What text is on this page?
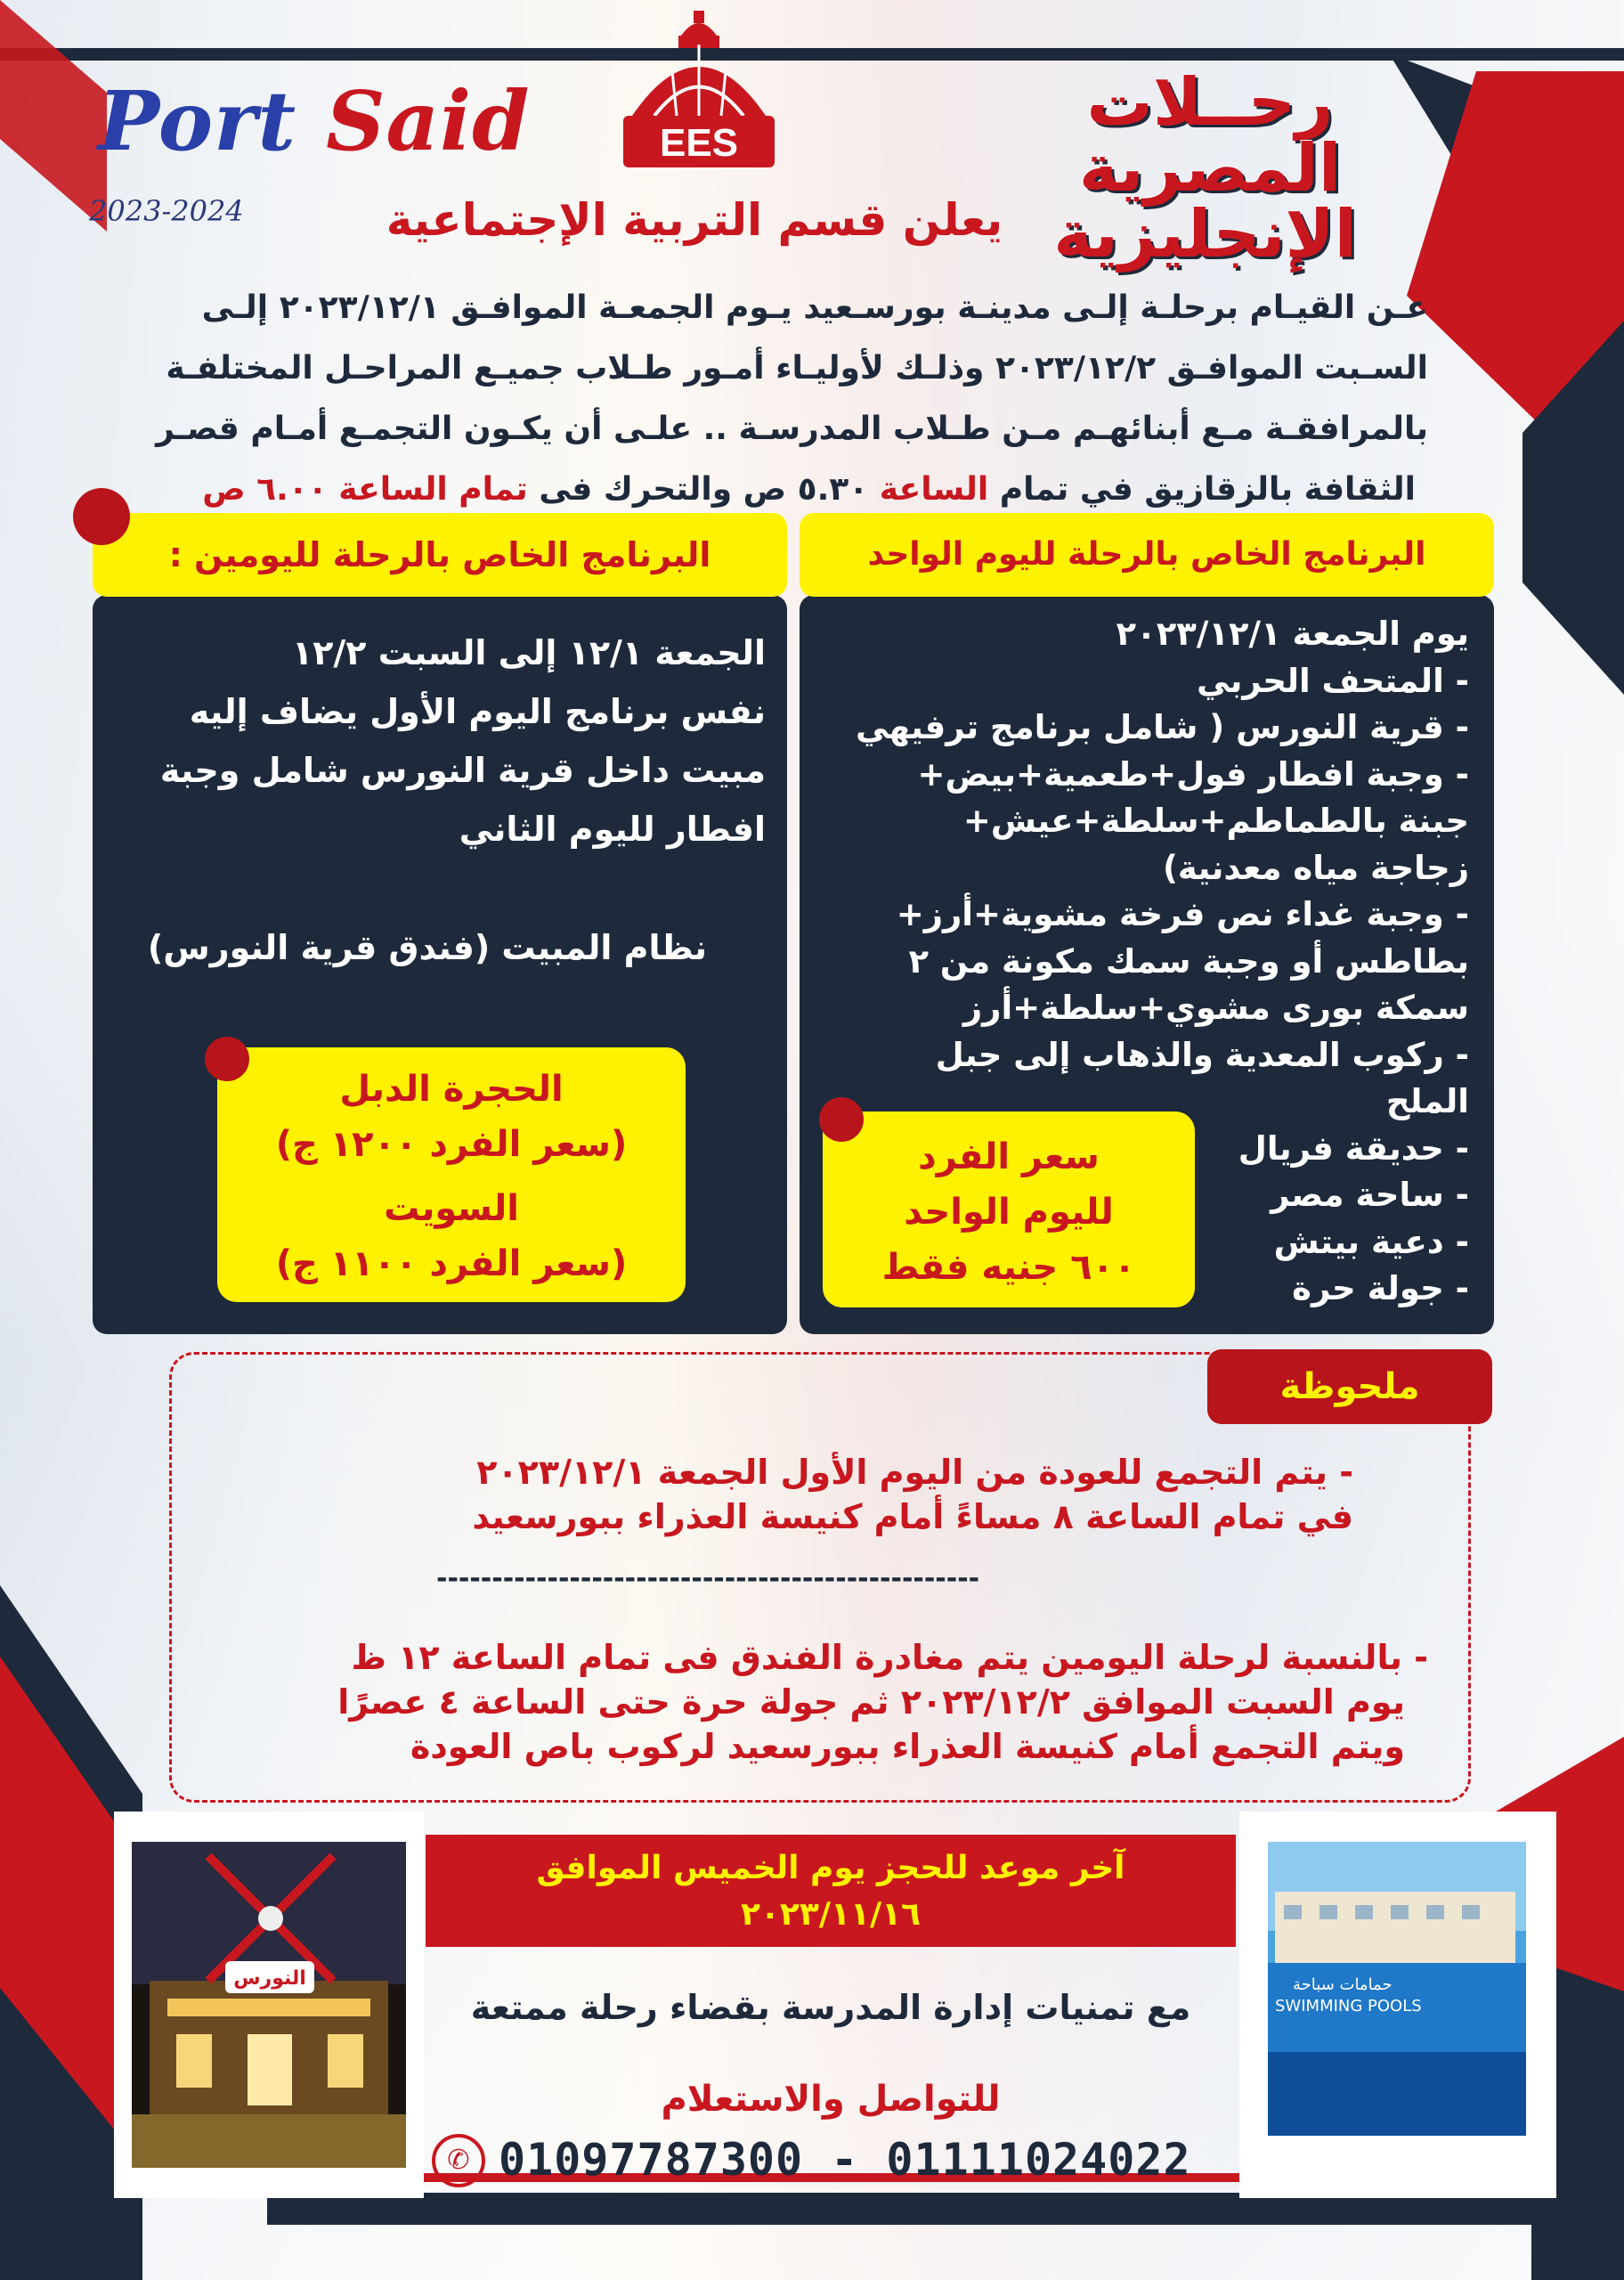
Port Said
2023-2024
EES
رحــلات
المصرية
الإنجليزية
يعلن قسم التربية الإجتماعية
عـن القيـام برحلـة إلـى مدينـة بورسـعيد يـوم الجمعـة الموافـق ٢٠٢٣/١٢/١ إلـى
السـبت الموافـق ٢٠٢٣/١٢/٢ وذلـك لأوليـاء أمـور طـلاب جميـع المراحـل المختلفـة
بالمرافقـة مـع أبنائهـم مـن طـلاب المدرسـة .. علـى أن يكـون التجمـع أمـام قصـر
الثقافة بالزقازيق في تمام الساعة ٥.٣٠ ص والتحرك فى تمام الساعة ٦.٠٠ ص
البرنامج الخاص بالرحلة لليوم الواحد
يوم الجمعة ٢٠٢٣/١٢/١
- المتحف الحربي
- قرية النورس ( شامل برنامج ترفيهي
- وجبة افطار فول+طعمية+بيض+
جبنة بالطماطم+سلطة+عيش+
زجاجة مياه معدنية)
- وجبة غداء نص فرخة مشوية+أرز+
بطاطس أو وجبة سمك مكونة من ٢
سمكة بورى مشوي+سلطة+أرز
- ركوب المعدية والذهاب إلى جبل
الملح
- حديقة فريال
- ساحة مصر
- دعية بيتش
- جولة حرة
سعر الفرد
لليوم الواحد
٦٠٠ جنيه فقط
البرنامج الخاص بالرحلة لليومين :
الجمعة ١٢/١ إلى السبت ١٢/٢
نفس برنامج اليوم الأول يضاف إليه
مبيت داخل قرية النورس شامل وجبة
افطار لليوم الثاني
نظام المبيت (فندق قرية النورس)
الحجرة الدبل
(سعر الفرد ١٢٠٠ ج)
السويت
(سعر الفرد ١١٠٠ ج)
ملحوظة
- يتم التجمع للعودة من اليوم الأول الجمعة ٢٠٢٣/١٢/١
في تمام الساعة ٨ مساءً أمام كنيسة العذراء ببورسعيد
-------------------------------------------------
- بالنسبة لرحلة اليومين يتم مغادرة الفندق فى تمام الساعة ١٢ ظ
يوم السبت الموافق ٢٠٢٣/١٢/٢ ثم جولة حرة حتى الساعة ٤ عصرًا
ويتم التجمع أمام كنيسة العذراء ببورسعيد لركوب باص العودة
النورس	حمامات سباحة
SWIMMING POOLS
آخر موعد للحجز يوم الخميس الموافق
٢٠٢٣/١١/١٦
مع تمنيات إدارة المدرسة بقضاء رحلة ممتعة
للتواصل والاستعلام
✆ 01097787300 - 01111024022
